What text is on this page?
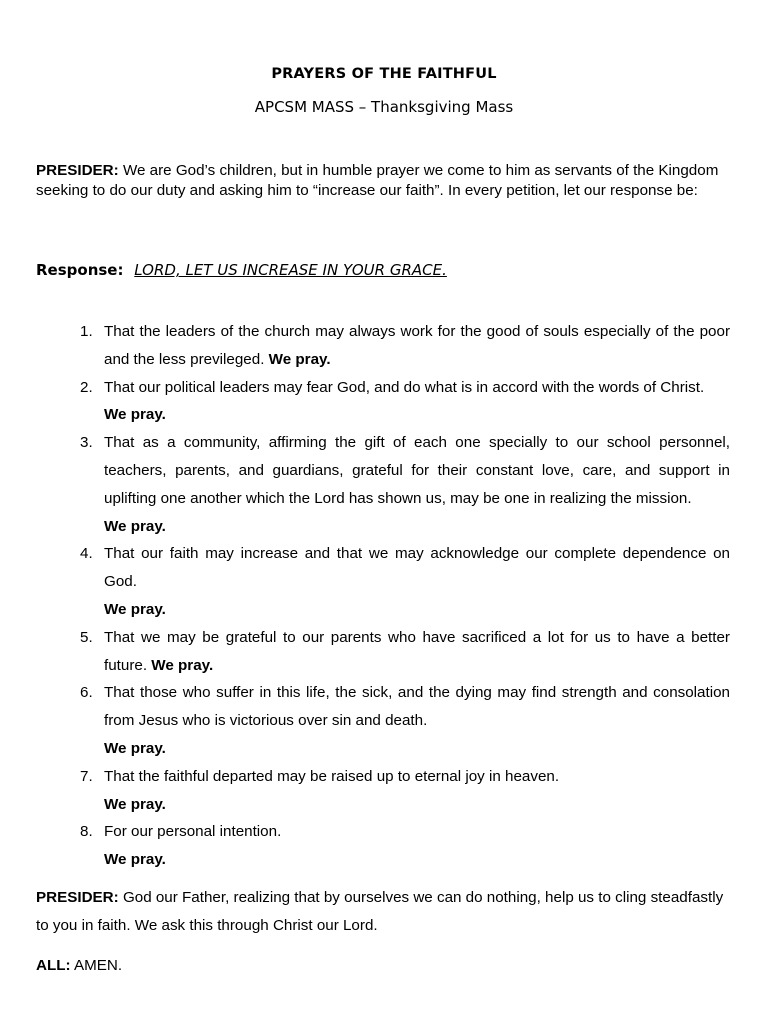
PRAYERS OF THE FAITHFUL
APCSM MASS – Thanksgiving Mass
PRESIDER: We are God’s children, but in humble prayer we come to him as servants of the Kingdom seeking to do our duty and asking him to “increase our faith”. In every petition, let our response be:
Response: LORD, LET US INCREASE IN YOUR GRACE.
1. That the leaders of the church may always work for the good of souls especially of the poor and the less previleged. We pray.
2. That our political leaders may fear God, and do what is in accord with the words of Christ.
We pray.
3. That as a community, affirming the gift of each one specially to our school personnel, teachers, parents, and guardians, grateful for their constant love, care, and support in uplifting one another which the Lord has shown us, may be one in realizing the mission.
We pray.
4. That our faith may increase and that we may acknowledge our complete dependence on God.
We pray.
5. That we may be grateful to our parents who have sacrificed a lot for us to have a better future. We pray.
6. That those who suffer in this life, the sick, and the dying may find strength and consolation from Jesus who is victorious over sin and death.
We pray.
7. That the faithful departed may be raised up to eternal joy in heaven.
We pray.
8. For our personal intention.
We pray.
PRESIDER: God our Father, realizing that by ourselves we can do nothing, help us to cling steadfastly to you in faith. We ask this through Christ our Lord.
ALL: AMEN.
